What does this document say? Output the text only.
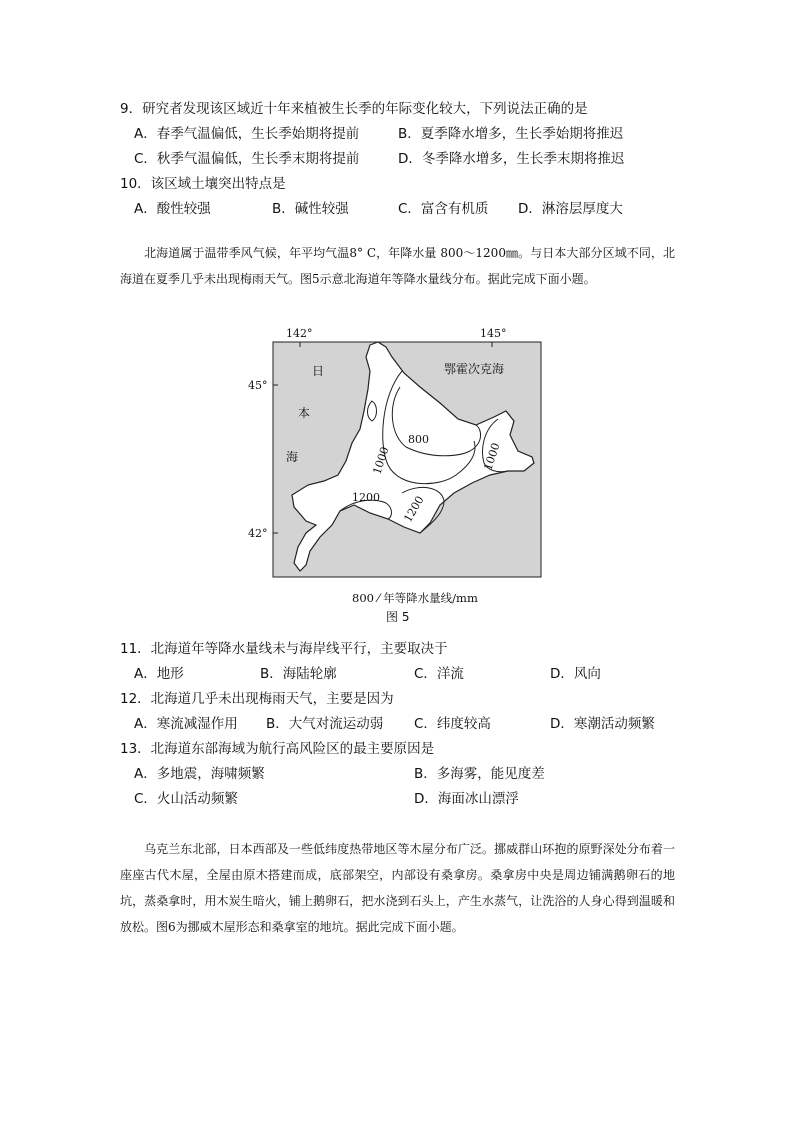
9．研究者发现该区域近十年来植被生长季的年际变化较大，下列说法正确的是
A．春季气温偏低，生长季始期将提前	B．夏季降水增多，生长季始期将推迟
C．秋季气温偏低，生长季末期将提前	D．冬季降水增多，生长季末期将推迟
10．该区域土壤突出特点是
A．酸性较强	B．碱性较强	C．富含有机质 D．淋溶层厚度大
北海道属于温带季风气候，年平均气温8° C，年降水量 800～1200㎜。与日本大部分区域不同，北海道在夏季几乎未出现梅雨天气。图5示意北海道年等降水量线分布。据此完成下面小题。
142°	145°
45°
42°
800
1000	1000
1200 1200
日
本
海
鄂霍次克海
800 ⁄ 年等降水量线/mm
图 5
11．北海道年等降水量线未与海岸线平行，主要取决于
A．地形	B．海陆轮廓	C．洋流	D．风向
12．北海道几乎未出现梅雨天气，主要是因为
A．寒流减湿作用 B．大气对流运动弱 C．纬度较高	D．寒潮活动频繁
13．北海道东部海域为航行高风险区的最主要原因是
A．多地震，海啸频繁	B．多海雾，能见度差
C．火山活动频繁	D．海面冰山漂浮
乌克兰东北部，日本西部及一些低纬度热带地区等木屋分布广泛。挪威群山环抱的原野深处分布着一座座古代木屋，全屋由原木搭建而成，底部架空，内部设有桑拿房。桑拿房中央是周边铺满鹅卵石的地坑，蒸桑拿时，用木炭生暗火，铺上鹅卵石，把水浇到石头上，产生水蒸气，让洗浴的人身心得到温暖和放松。图6为挪威木屋形态和桑拿室的地坑。据此完成下面小题。
